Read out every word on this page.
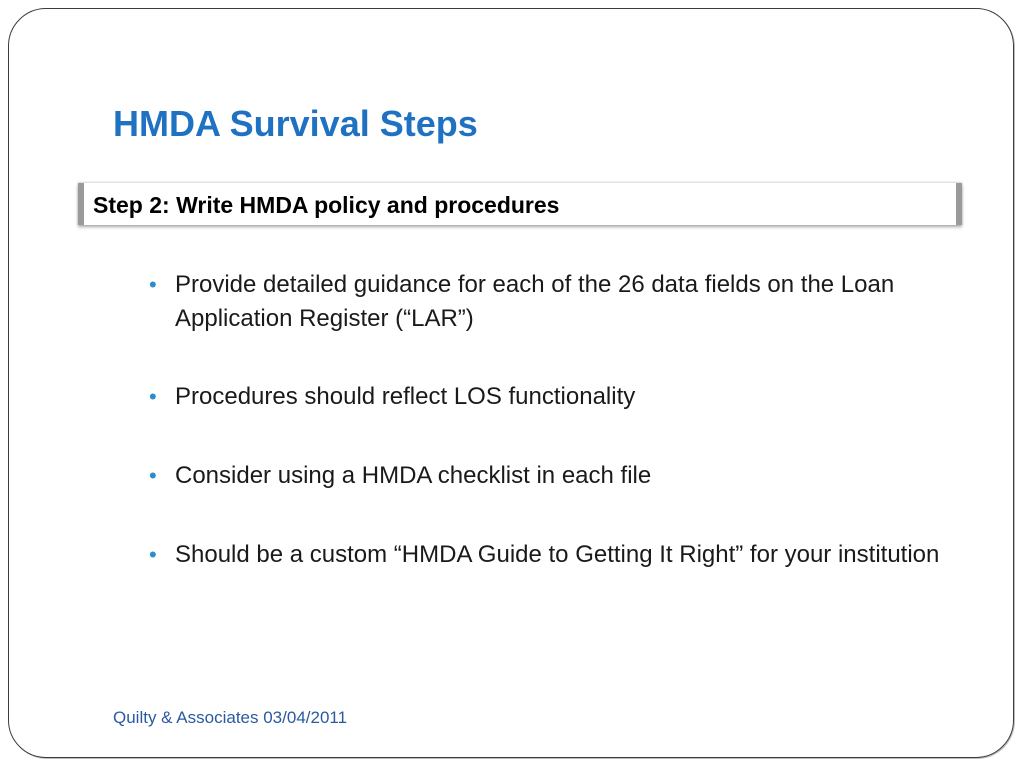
HMDA Survival Steps
Step 2: Write HMDA policy and procedures
• Provide detailed guidance for each of the 26 data fields on the Loan Application Register (“LAR”)
• Procedures should reflect LOS functionality
• Consider using a HMDA checklist in each file
• Should be a custom “HMDA Guide to Getting It Right” for your institution
Quilty & Associates 03/04/2011
